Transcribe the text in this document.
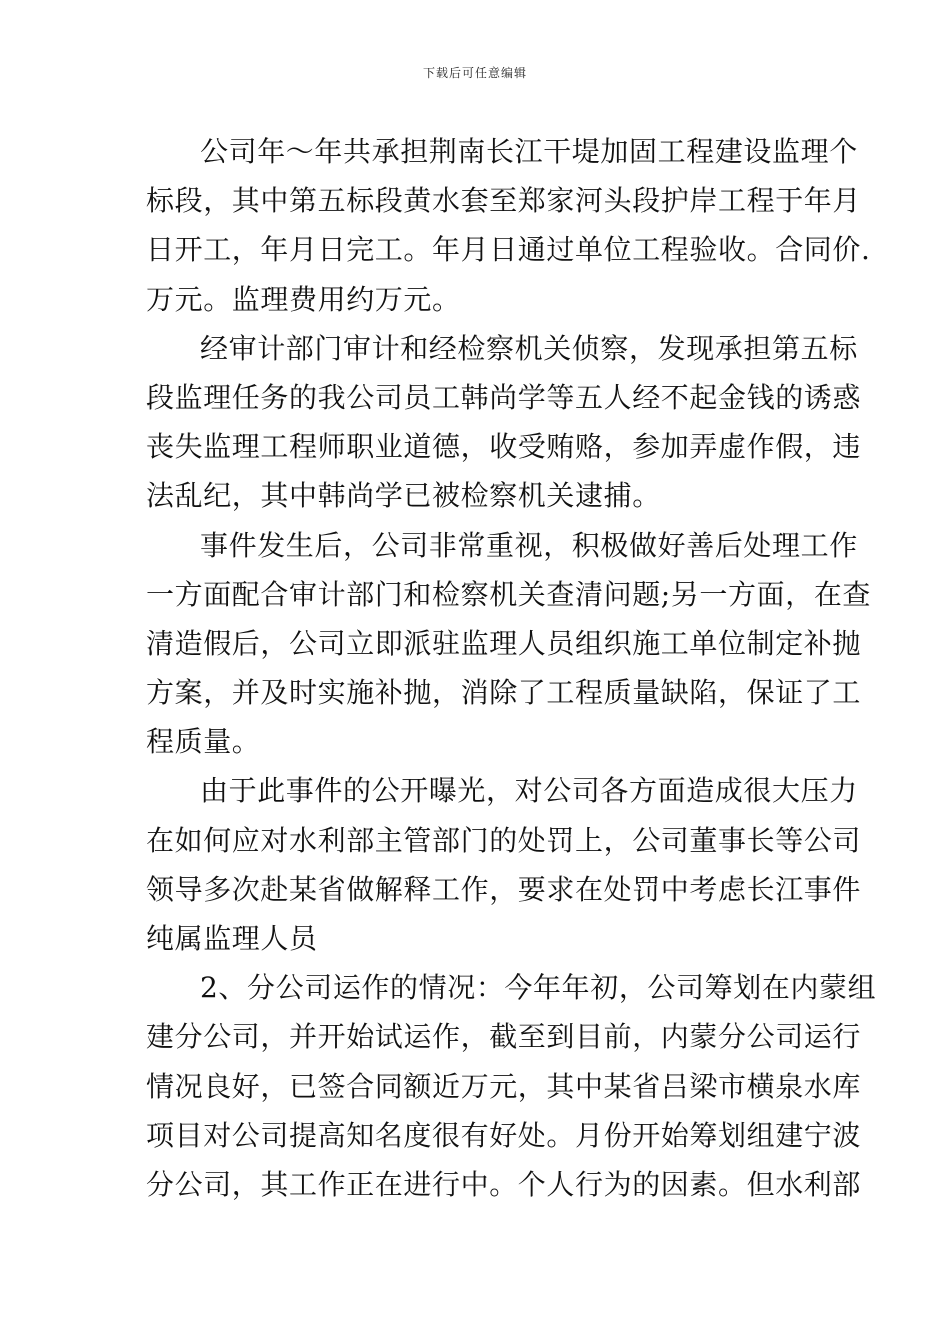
下载后可任意编辑
公司年～年共承担荆南长江干堤加固工程建设监理个
标段，其中第五标段黄水套至郑家河头段护岸工程于年月
日开工，年月日完工。年月日通过单位工程验收。合同价.
万元。监理费用约万元。
经审计部门审计和经检察机关侦察，发现承担第五标
段监理任务的我公司员工韩尚学等五人经不起金钱的诱惑
丧失监理工程师职业道德，收受贿赂，参加弄虚作假，违
法乱纪，其中韩尚学已被检察机关逮捕。
事件发生后，公司非常重视，积极做好善后处理工作
一方面配合审计部门和检察机关查清问题;另一方面，在查
清造假后，公司立即派驻监理人员组织施工单位制定补抛
方案，并及时实施补抛，消除了工程质量缺陷，保证了工
程质量。
由于此事件的公开曝光，对公司各方面造成很大压力
在如何应对水利部主管部门的处罚上，公司董事长等公司
领导多次赴某省做解释工作，要求在处罚中考虑长江事件
纯属监理人员
2、分公司运作的情况：今年年初，公司筹划在内蒙组
建分公司，并开始试运作，截至到目前，内蒙分公司运行
情况良好，已签合同额近万元，其中某省吕梁市横泉水库
项目对公司提高知名度很有好处。月份开始筹划组建宁波
分公司，其工作正在进行中。个人行为的因素。但水利部
